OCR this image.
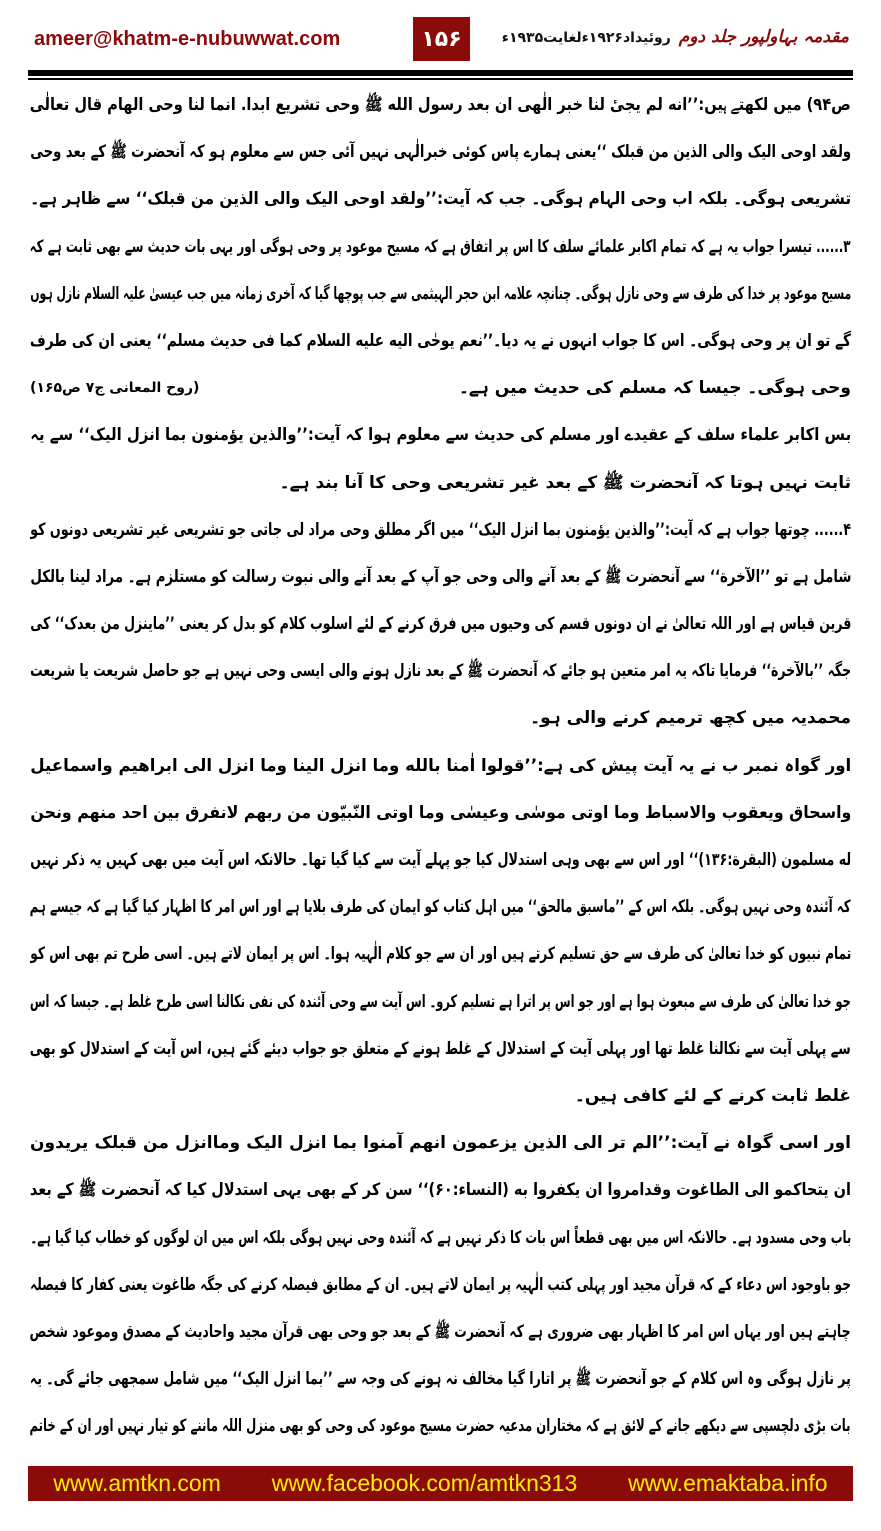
ameer@khatm-e-nubuwwat.com	۱۵۶	روئیداد۱۹۲۶ءلغایت۱۹۳۵ء مقدمہ بہاولپور جلد دوم
ص۹۴) میں لکھتے ہیں:’’انه لم یجیٔ لنا خبر الٰهی ان بعد رسول الله ﷺ وحی تشریع ابدا. انما لنا وحی الهام قال تعالٰی
ولقد اوحی الیک والی الذین من قبلک ‘‘یعنی ہمارے پاس کوئی خبرالٰہی نہیں آئی جس سے معلوم ہو کہ آنحضرت ﷺ کے بعد وحی
تشریعی ہوگی۔ بلکہ اب وحی الہام ہوگی۔ جب کہ آیت:’’ولقد اوحی الیک والی الذین من قبلک‘‘ سے ظاہر ہے۔
۳...... تیسرا جواب یہ ہے کہ تمام اکابر علمائے سلف کا اس پر اتفاق ہے کہ مسیح موعود پر وحی ہوگی اور یہی بات حدیث سے بھی ثابت ہے کہ
مسیح موعود پر خدا کی طرف سے وحی نازل ہوگی۔ چنانچہ علامہ ابن حجر الہیثمی سے جب پوچھا گیا کہ آخری زمانہ میں جب عیسیٰ علیہ السلام نازل ہوں
گے تو ان پر وحی ہوگی۔ اس کا جواب انہوں نے یہ دیا۔’’نعم یوحٰی الیه علیه السلام کما فی حدیث مسلم‘‘ یعنی ان کی طرف
وحی ہوگی۔ جیسا کہ مسلم کی حدیث میں ہے۔
(روح المعانی ج۷ ص۱۶۵)
بس اکابر علماء سلف کے عقیدے اور مسلم کی حدیث سے معلوم ہوا کہ آیت:’’والذین یؤمنون بما انزل الیک‘‘ سے یہ
ثابت نہیں ہوتا کہ آنحضرت ﷺ کے بعد غیر تشریعی وحی کا آنا بند ہے۔
۴...... چوتھا جواب ہے کہ آیت:’’والذین یؤمنون بما انزل الیک‘‘ میں اگر مطلق وحی مراد لی جاتی جو تشریعی غیر تشریعی دونوں کو
شامل ہے تو ’’الآخرة‘‘ سے آنحضرت ﷺ کے بعد آنے والی وحی جو آپ کے بعد آنے والی نبوت رسالت کو مستلزم ہے۔ مراد لینا بالکل
قرین قیاس ہے اور اللہ تعالیٰ نے ان دونوں قسم کی وحیوں میں فرق کرنے کے لئے اسلوب کلام کو بدل کر یعنی ’’ماینزل من بعدک‘‘ کی
جگہ ’’بالآخرة‘‘ فرمایا تاکہ یہ امر متعین ہو جائے کہ آنحضرت ﷺ کے بعد نازل ہونے والی ایسی وحی نہیں ہے جو حاصل شریعت یا شریعت
محمدیہ میں کچھ ترمیم کرنے والی ہو۔
اور گواہ نمبر ب نے یہ آیت پیش کی ہے:’’قولوا اٰمنا بالله وما انزل الینا وما انزل الی ابراهیم واسماعیل
واسحاق ویعقوب والاسباط وما اوتی موسٰی وعیسٰی وما اوتی النّبیّون من ربهم لانفرق بین احد منهم ونحن
له مسلمون (البقرة:۱۳۶)‘‘ اور اس سے بھی وہی استدلال کیا جو پہلے آیت سے کیا گیا تھا۔ حالانکہ اس آیت میں بھی کہیں یہ ذکر نہیں
کہ آئندہ وحی نہیں ہوگی۔ بلکہ اس کے ’’ماسبق مالحق‘‘ میں اہل کتاب کو ایمان کی طرف بلایا ہے اور اس امر کا اظہار کیا گیا ہے کہ جیسے ہم
تمام نبیوں کو خدا تعالیٰ کی طرف سے حق تسلیم کرتے ہیں اور ان سے جو کلام الٰہیہ ہوا۔ اس پر ایمان لاتے ہیں۔ اسی طرح تم بھی اس کو
جو خدا تعالیٰ کی طرف سے مبعوث ہوا ہے اور جو اس پر اترا ہے تسلیم کرو۔ اس آیت سے وحی آئندہ کی نفی نکالنا اسی طرح غلط ہے۔ جیسا کہ اس
سے پہلی آیت سے نکالنا غلط تھا اور پہلی آیت کے استدلال کے غلط ہونے کے متعلق جو جواب دیئے گئے ہیں، اس آیت کے استدلال کو بھی
غلط ثابت کرنے کے لئے کافی ہیں۔
اور اسی گواہ نے آیت:’’الم تر الی الذین یزعمون انهم آمنوا بما انزل الیک وماانزل من قبلک یریدون
ان یتحاکمو الی الطاغوت وقدامروا ان یکفروا به (النساء:۶۰)‘‘ سن کر کے بھی یہی استدلال کیا کہ آنحضرت ﷺ کے بعد
باب وحی مسدود ہے۔ حالانکہ اس میں بھی قطعاً اس بات کا ذکر نہیں ہے کہ آئندہ وحی نہیں ہوگی بلکہ اس میں ان لوگوں کو خطاب کیا گیا ہے۔
جو باوجود اس دعاء کے کہ قرآن مجید اور پہلی کتب الٰہیہ پر ایمان لاتے ہیں۔ ان کے مطابق فیصلہ کرنے کی جگہ طاغوت یعنی کفار کا فیصلہ
چاہتے ہیں اور یہاں اس امر کا اظہار بھی ضروری ہے کہ آنحضرت ﷺ کے بعد جو وحی بھی قرآن مجید واحادیث کے مصدق وموعود شخص
پر نازل ہوگی وہ اس کلام کے جو آنحضرت ﷺ پر اتارا گیا مخالف نہ ہونے کی وجہ سے ’’بما انزل الیک‘‘ میں شامل سمجھی جائے گی۔ یہ
بات بڑی دلچسپی سے دیکھے جانے کے لائق ہے کہ مختاران مدعیہ حضرت مسیح موعود کی وحی کو بھی منزل اللہ ماننے کو تیار نہیں اور ان کے خاتم
www.amtkn.com www.facebook.com/amtkn313 www.emaktaba.info
